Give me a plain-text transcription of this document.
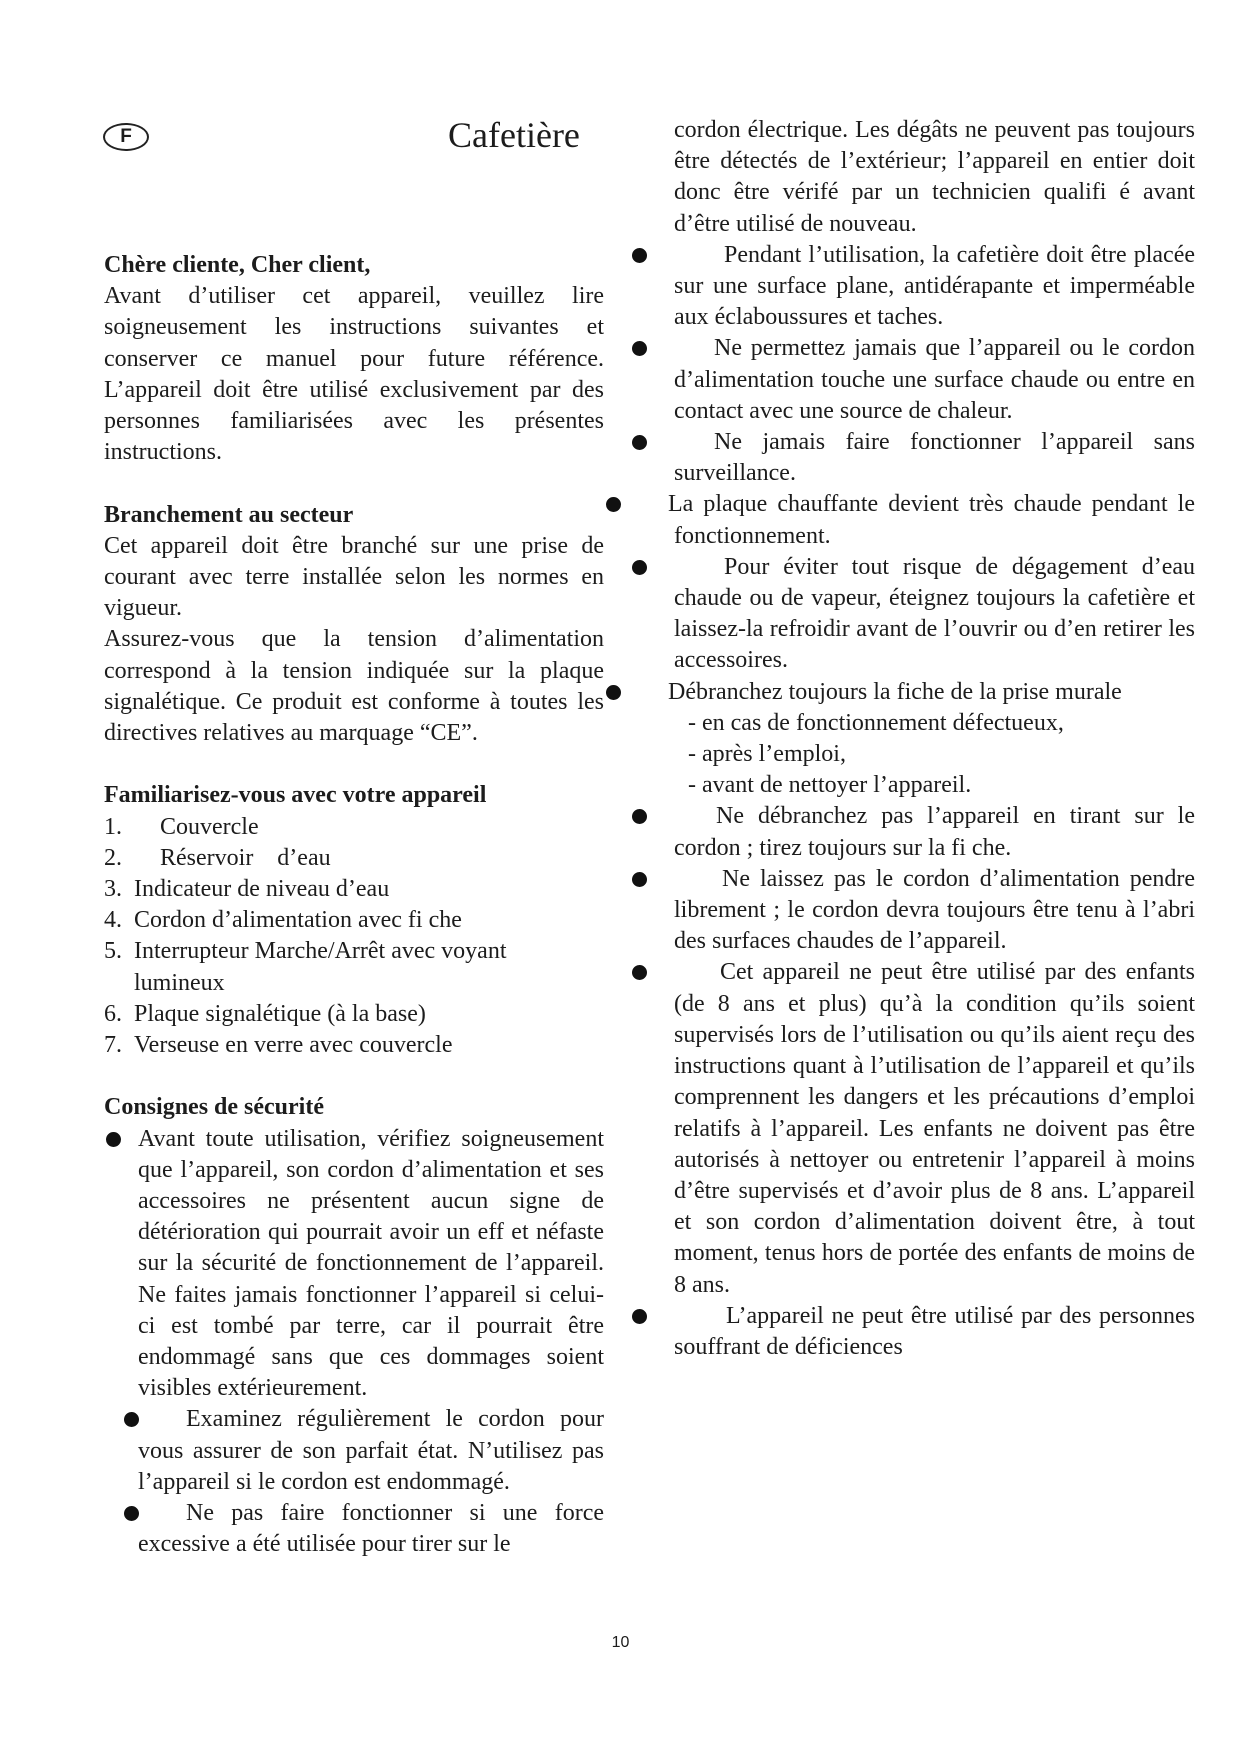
F	Cafetière

Chère cliente, Cher client,

Avant d’utiliser cet appareil, veuillez lire soigneusement les instructions suivantes et conserver ce manuel pour future référence. L’appareil doit être utilisé exclusivement par des personnes familiarisées avec les présentes instructions.

Branchement au secteur

Cet appareil doit être branché sur une prise de courant avec terre installée selon les normes en vigueur.

Assurez-vous que la tension d’alimentation correspond à la tension indiquée sur la plaque signalétique. Ce produit est conforme à toutes les directives relatives au marquage “CE”.

Familiarisez-vous avec votre appareil

1.	Couvercle
2.	Réservoir    d’eau
3. Indicateur de niveau d’eau
4. Cordon d’alimentation avec fi che
5. Interrupteur Marche/Arrêt avec voyant lumineux
6. Plaque signalétique (à la base)
7. Verseuse en verre avec couvercle

Consignes de sécurité

Avant toute utilisation, vérifiez soigneusement que l’appareil, son cordon d’alimentation et ses accessoires ne présentent aucun signe de détérioration qui pourrait avoir un eff et néfaste sur la sécurité de fonctionnement de l’appareil. Ne faites jamais fonctionner l’appareil si celui-ci est tombé par terre, car il pourrait être endommagé sans que ces dommages soient visibles extérieurement.
Examinez régulièrement le cordon pour vous assurer de son parfait état. N’utilisez pas l’appareil si le cordon est endommagé.
Ne pas faire fonctionner si une force excessive a été utilisée pour tirer sur le

cordon électrique. Les dégâts ne peuvent pas toujours être détectés de l’extérieur; l’appareil en entier doit donc être vérifé par un technicien qualifi é avant d’être utilisé de nouveau.

Pendant l’utilisation, la cafetière doit être placée sur une surface plane, antidérapante et imperméable aux éclaboussures et taches.
Ne permettez jamais que l’appareil ou le cordon d’alimentation touche une surface chaude ou entre en contact avec une source de chaleur.
Ne jamais faire fonctionner l’appareil sans surveillance.
La plaque chauffante devient très chaude pendant le fonctionnement.
Pour éviter tout risque de dégagement d’eau chaude ou de vapeur, éteignez toujours la cafetière et laissez-la refroidir avant de l’ouvrir ou d’en retirer les accessoires.
Débranchez toujours la fiche de la prise murale

- en cas de fonctionnement défectueux,

- après l’emploi,

- avant de nettoyer l’appareil.

Ne débranchez pas l’appareil en tirant sur le cordon ; tirez toujours sur la fi che.
Ne laissez pas le cordon d’alimentation pendre librement ; le cordon devra toujours être tenu à l’abri des surfaces chaudes de l’appareil.
Cet appareil ne peut être utilisé par des enfants (de 8 ans et plus) qu’à la condition qu’ils soient supervisés lors de l’utilisation ou qu’ils aient reçu des instructions quant à l’utilisation de l’appareil et qu’ils comprennent les dangers et les précautions d’emploi relatifs à l’appareil. Les enfants ne doivent pas être autorisés à nettoyer ou entretenir l’appareil à moins d’être supervisés et d’avoir plus de 8 ans. L’appareil et son cordon d’alimentation doivent être, à tout moment, tenus hors de portée des enfants de moins de 8 ans.
L’appareil ne peut être utilisé par des personnes souffrant de déficiences
10
